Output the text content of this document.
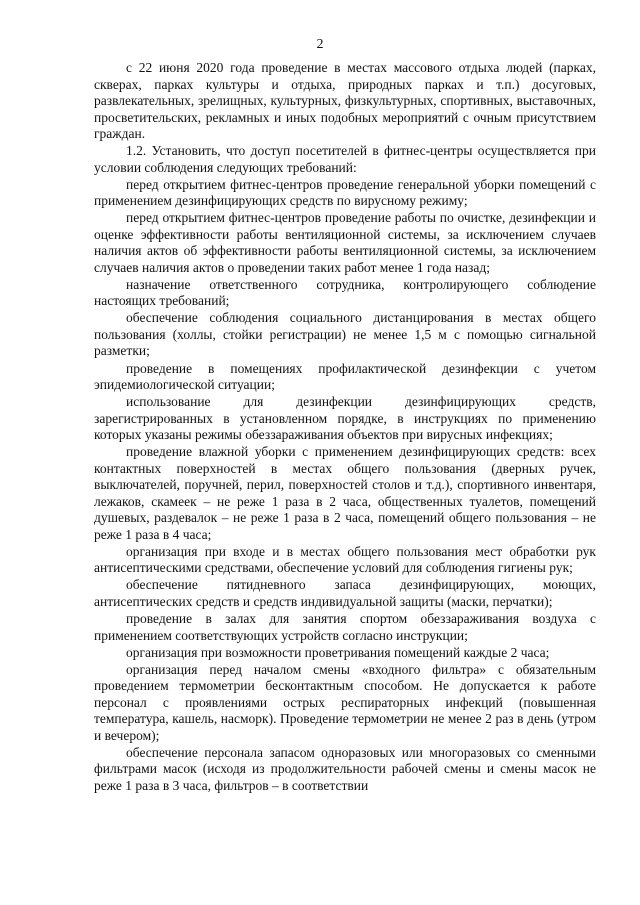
2

с 22 июня 2020 года проведение в местах массового отдыха людей (парках, скверах, парках культуры и отдыха, природных парках и т.п.) досуговых, развлекательных, зрелищных, культурных, физкультурных, спортивных, выставочных, просветительских, рекламных и иных подобных мероприятий с очным присутствием граждан.

1.2. Установить, что доступ посетителей в фитнес-центры осуществляется при условии соблюдения следующих требований:

перед открытием фитнес-центров проведение генеральной уборки помещений с применением дезинфицирующих средств по вирусному режиму;

перед открытием фитнес-центров проведение работы по очистке, дезинфекции и оценке эффективности работы вентиляционной системы, за исключением случаев наличия актов об эффективности работы вентиляционной системы, за исключением случаев наличия актов о проведении таких работ менее 1 года назад;

назначение ответственного сотрудника, контролирующего соблюдение настоящих требований;

обеспечение соблюдения социального дистанцирования в местах общего пользования (холлы, стойки регистрации) не менее 1,5 м с помощью сигнальной разметки;

проведение в помещениях профилактической дезинфекции с учетом эпидемиологической ситуации;

использование для дезинфекции дезинфицирующих средств, зарегистрированных в установленном порядке, в инструкциях по применению которых указаны режимы обеззараживания объектов при вирусных инфекциях;

проведение влажной уборки с применением дезинфицирующих средств: всех контактных поверхностей в местах общего пользования (дверных ручек, выключателей, поручней, перил, поверхностей столов и т.д.), спортивного инвентаря, лежаков, скамеек – не реже 1 раза в 2 часа, общественных туалетов, помещений душевых, раздевалок – не реже 1 раза в 2 часа, помещений общего пользования – не реже 1 раза в 4 часа;

организация при входе и в местах общего пользования мест обработки рук антисептическими средствами, обеспечение условий для соблюдения гигиены рук;

обеспечение пятидневного запаса дезинфицирующих, моющих, антисептических средств и средств индивидуальной защиты (маски, перчатки);

проведение в залах для занятия спортом обеззараживания воздуха с применением соответствующих устройств согласно инструкции;

организация при возможности проветривания помещений каждые 2 часа;

организация перед началом смены «входного фильтра» с обязательным проведением термометрии бесконтактным способом. Не допускается к работе персонал с проявлениями острых респираторных инфекций (повышенная температура, кашель, насморк). Проведение термометрии не менее 2 раз в день (утром и вечером);

обеспечение персонала запасом одноразовых или многоразовых со сменными фильтрами масок (исходя из продолжительности рабочей смены и смены масок не реже 1 раза в 3 часа, фильтров – в соответствии
